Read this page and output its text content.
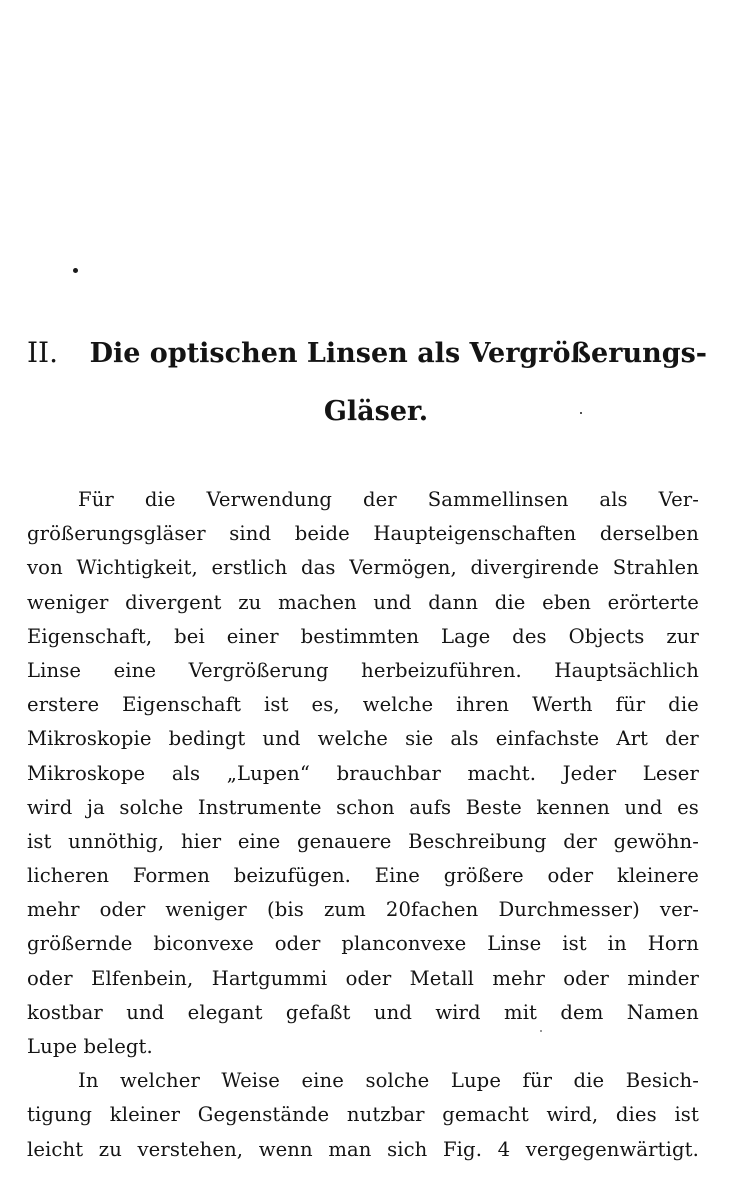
II. Die optischen Linsen als Vergrößerungs-
Gläser.
Für die Verwendung der Sammellinsen als Ver-
größerungsgläser sind beide Haupteigenschaften derselben
von Wichtigkeit, erstlich das Vermögen, divergirende Strahlen
weniger divergent zu machen und dann die eben erörterte
Eigenschaft, bei einer bestimmten Lage des Objects zur
Linse eine Vergrößerung herbeizuführen. Hauptsächlich
erstere Eigenschaft ist es, welche ihren Werth für die
Mikroskopie bedingt und welche sie als einfachste Art der
Mikroskope als „Lupen“ brauchbar macht. Jeder Leser
wird ja solche Instrumente schon aufs Beste kennen und es
ist unnöthig, hier eine genauere Beschreibung der gewöhn-
licheren Formen beizufügen. Eine größere oder kleinere
mehr oder weniger (bis zum 20fachen Durchmesser) ver-
größernde biconvexe oder planconvexe Linse ist in Horn
oder Elfenbein, Hartgummi oder Metall mehr oder minder
kostbar und elegant gefaßt und wird mit dem Namen
Lupe belegt.
In welcher Weise eine solche Lupe für die Besich-
tigung kleiner Gegenstände nutzbar gemacht wird, dies ist
leicht zu verstehen, wenn man sich Fig. 4 vergegenwärtigt.
